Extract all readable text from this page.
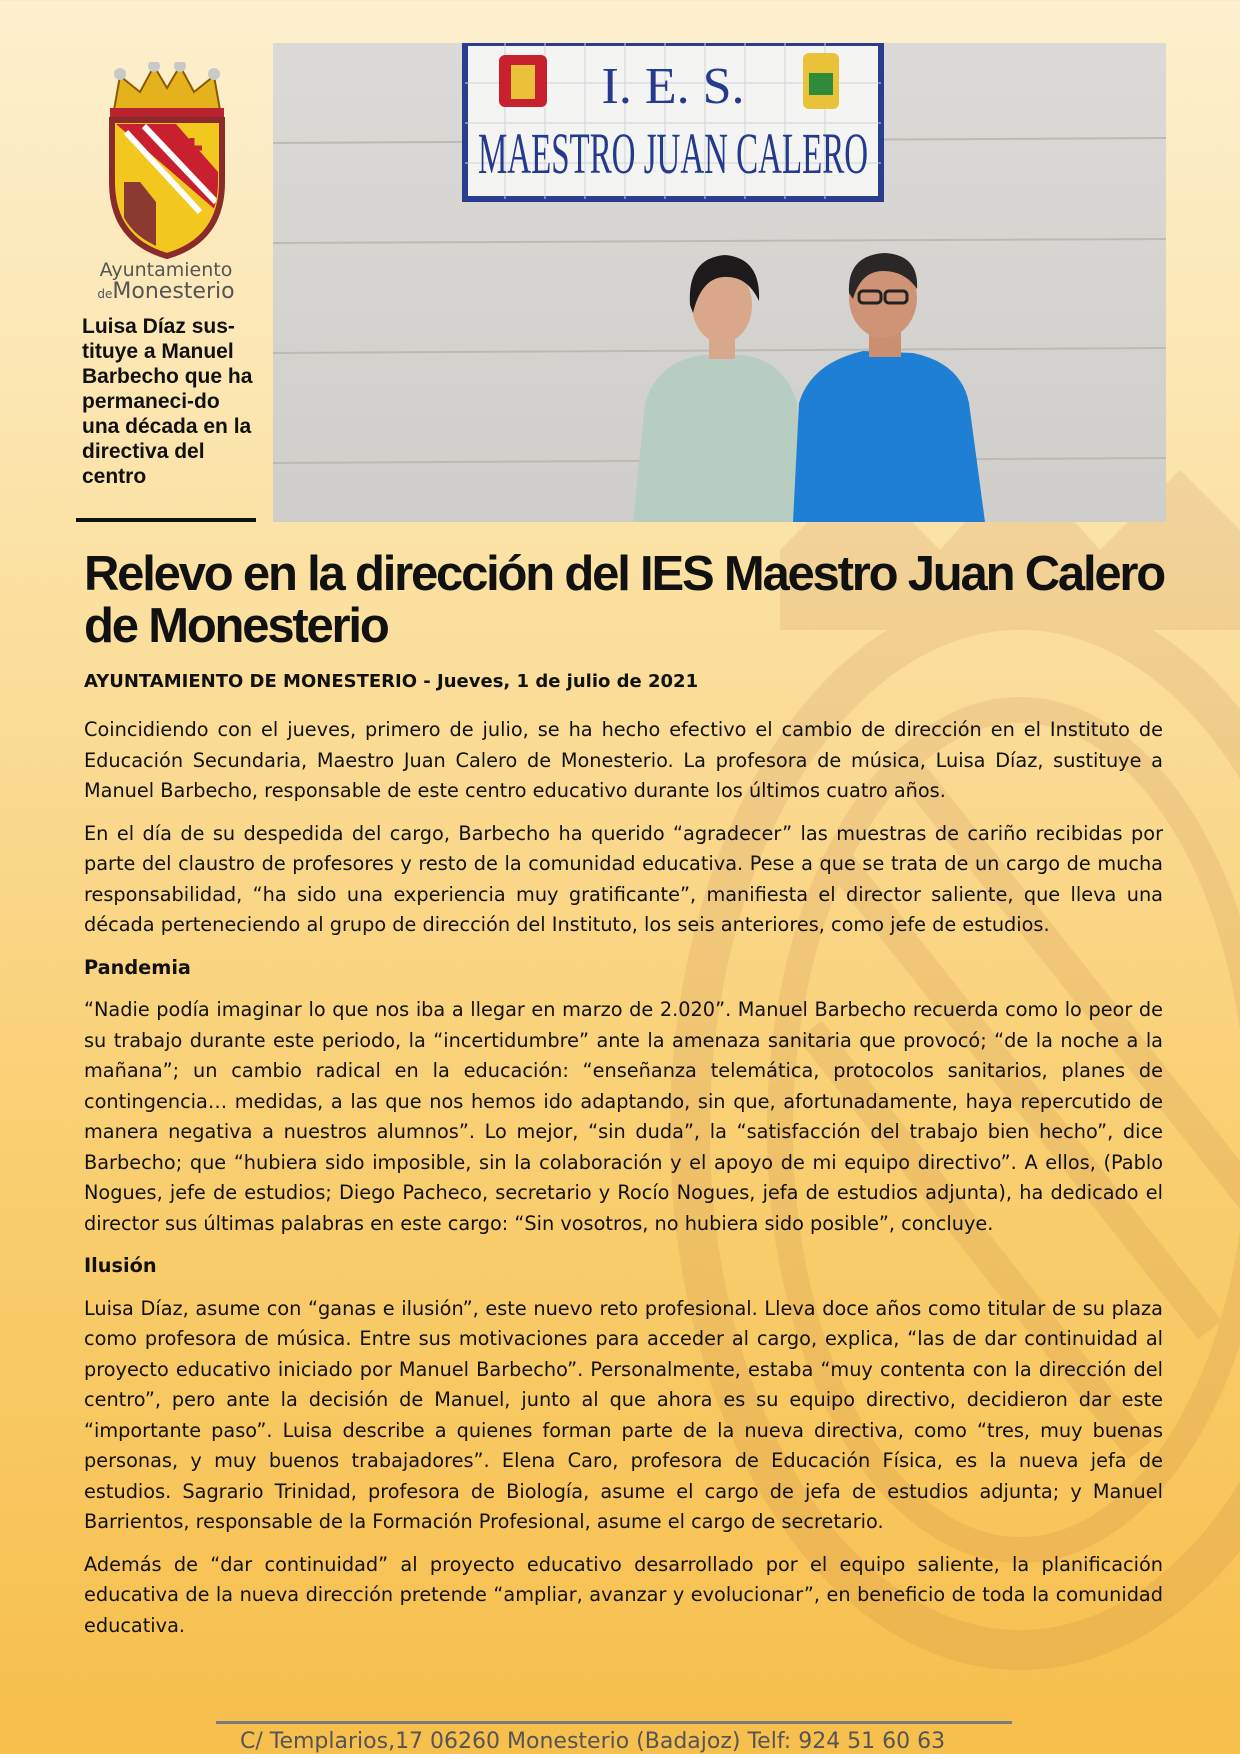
Ayuntamiento
deMonesterio
Luisa Díaz sus-tituye a Manuel Barbecho que ha permaneci-do una década en la directiva del centro
I. E. S.
MAESTRO JUAN CALERO
Relevo en la dirección del IES Maestro Juan Calero de Monesterio

AYUNTAMIENTO DE MONESTERIO - Jueves, 1 de julio de 2021

Coincidiendo con el jueves, primero de julio, se ha hecho efectivo el cambio de dirección en el Instituto de Educación Secundaria, Maestro Juan Calero de Monesterio. La profesora de música, Luisa Díaz, sustituye a Manuel Barbecho, responsable de este centro educativo durante los últimos cuatro años.

En el día de su despedida del cargo, Barbecho ha querido “agradecer” las muestras de cariño recibidas por parte del claustro de profesores y resto de la comunidad educativa. Pese a que se trata de un cargo de mucha responsabilidad, “ha sido una experiencia muy gratificante”, manifiesta el director saliente, que lleva una década perteneciendo al grupo de dirección del Instituto, los seis anteriores, como jefe de estudios.

Pandemia

“Nadie podía imaginar lo que nos iba a llegar en marzo de 2.020”. Manuel Barbecho recuerda como lo peor de su trabajo durante este periodo, la “incertidumbre” ante la amenaza sanitaria que provocó; “de la noche a la mañana”; un cambio radical en la educación: “enseñanza telemática, protocolos sanitarios, planes de contingencia… medidas, a las que nos hemos ido adaptando, sin que, afortunadamente, haya repercutido de manera negativa a nuestros alumnos”. Lo mejor, “sin duda”, la “satisfacción del trabajo bien hecho”, dice Barbecho; que “hubiera sido imposible, sin la colaboración y el apoyo de mi equipo directivo”. A ellos, (Pablo Nogues, jefe de estudios; Diego Pacheco, secretario y Rocío Nogues, jefa de estudios adjunta), ha dedicado el director sus últimas palabras en este cargo: “Sin vosotros, no hubiera sido posible”, concluye.

Ilusión

Luisa Díaz, asume con “ganas e ilusión”, este nuevo reto profesional. Lleva doce años como titular de su plaza como profesora de música. Entre sus motivaciones para acceder al cargo, explica, “las de dar continuidad al proyecto educativo iniciado por Manuel Barbecho”. Personalmente, estaba “muy contenta con la dirección del centro”, pero ante la decisión de Manuel, junto al que ahora es su equipo directivo, decidieron dar este “importante paso”. Luisa describe a quienes forman parte de la nueva directiva, como “tres, muy buenas personas, y muy buenos trabajadores”. Elena Caro, profesora de Educación Física, es la nueva jefa de estudios. Sagrario Trinidad, profesora de Biología, asume el cargo de jefa de estudios adjunta; y Manuel Barrientos, responsable de la Formación Profesional, asume el cargo de secretario.

Además de “dar continuidad” al proyecto educativo desarrollado por el equipo saliente, la planificación educativa de la nueva dirección pretende “ampliar, avanzar y evolucionar”, en beneficio de toda la comunidad educativa.

C/ Templarios,17 06260 Monesterio (Badajoz) Telf: 924 51 60 63
